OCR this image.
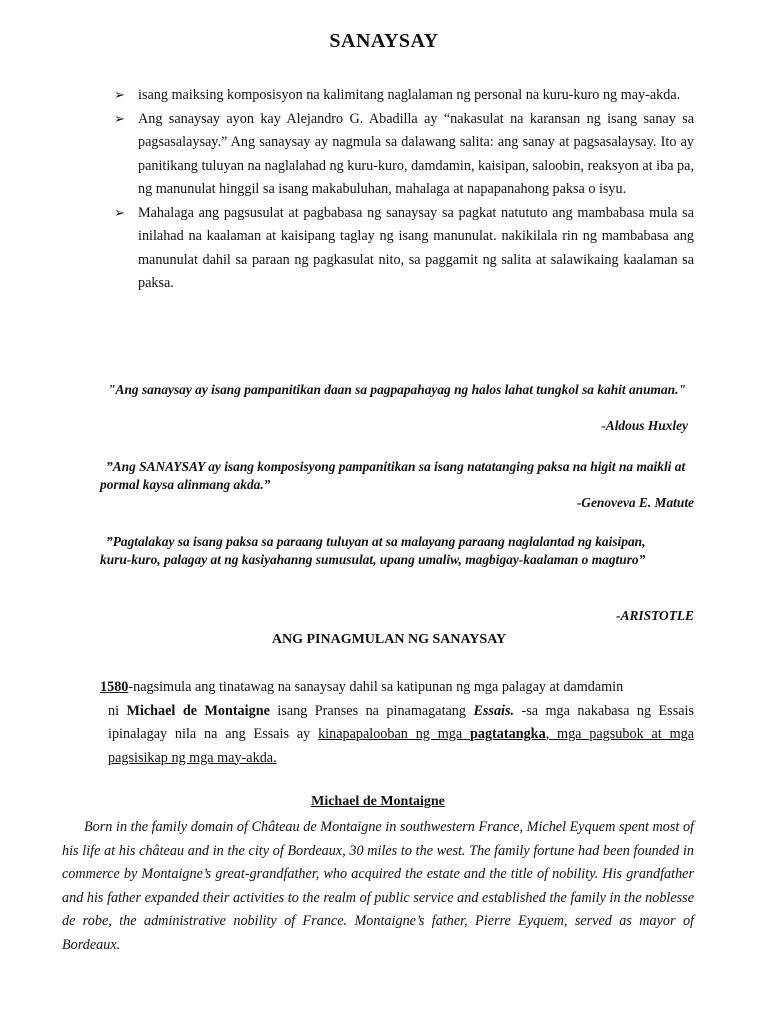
SANAYSAY

➢ isang maiksing komposisyon na kalimitang naglalaman ng personal na kuru-kuro ng may-akda.

➢ Ang sanaysay ayon kay Alejandro G. Abadilla ay “nakasulat na karansan ng isang sanay sa pagsasalaysay.” Ang sanaysay ay nagmula sa dalawang salita: ang sanay at pagsasalaysay. Ito ay panitikang tuluyan na naglalahad ng kuru-kuro, damdamin, kaisipan, saloobin, reaksyon at iba pa, ng manunulat hinggil sa isang makabuluhan, mahalaga at napapanahong paksa o isyu.

➢ Mahalaga ang pagsusulat at pagbabasa ng sanaysay sa pagkat natututo ang mambabasa mula sa inilahad na kaalaman at kaisipang taglay ng isang manunulat. nakikilala rin ng mambabasa ang manunulat dahil sa paraan ng pagkasulat nito, sa paggamit ng salita at salawikaing kaalaman sa paksa.

"Ang sanaysay ay isang pampanitikan daan sa pagpapahayag ng halos lahat tungkol sa kahit anuman."
-Aldous Huxley
”Ang SANAYSAY ay isang komposisyong pampanitikan sa isang natatanging paksa na higit na maikli at pormal kaysa alinmang akda.”
-Genoveva E. Matute
”Pagtalakay sa isang paksa sa paraang tuluyan at sa malayang paraang naglalantad ng kaisipan, kuru-kuro, palagay at ng kasiyahanng sumusulat, upang umaliw, magbigay-kaalaman o magturo”
-ARISTOTLE
ANG PINAGMULAN NG SANAYSAY

1580-nagsimula ang tinatawag na sanaysay dahil sa katipunan ng mga palagay at damdamin

ni Michael de Montaigne isang Pranses na pinamagatang Essais. -sa mga nakabasa ng Essais ipinalagay nila na ang Essais ay kinapapalooban ng mga pagtatangka, mga pagsubok at mga pagsisikap ng mga may-akda.

Michael de Montaigne

Born in the family domain of Château de Montaigne in southwestern France, Michel Eyquem spent most of his life at his château and in the city of Bordeaux, 30 miles to the west. The family fortune had been founded in commerce by Montaigne’s great-grandfather, who acquired the estate and the title of nobility. His grandfather and his father expanded their activities to the realm of public service and established the family in the noblesse de robe, the administrative nobility of France. Montaigne’s father, Pierre Eyquem, served as mayor of Bordeaux.
